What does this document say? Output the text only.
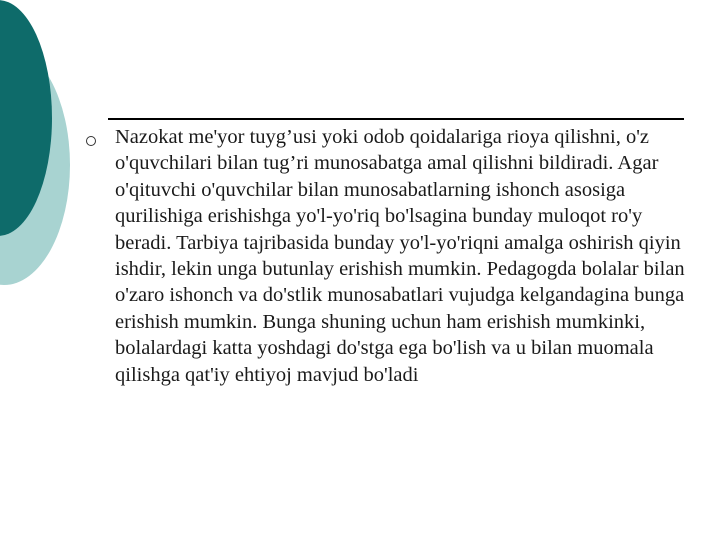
Nazokat me'yor tuyg’usi yoki odob qoidalariga rioya qilishni, o'z o'quvchilari bilan tug’ri munosabatga amal qilishni bildiradi. Agar o'qituvchi o'quvchilar bilan munosabatlarning ishonch asosiga qurilishiga erishishga yo'l-yo'riq bo'lsagina bunday muloqot ro'y beradi. Tarbiya tajribasida bunday yo'l-yo'riqni amalga oshirish qiyin ishdir, lekin unga butunlay erishish mumkin. Pedagogda bolalar bilan o'zaro ishonch va do'stlik munosabatlari vujudga kelgandagina bunga erishish mumkin. Bunga shuning uchun ham erishish mumkinki, bolalardagi katta yoshdagi do'stga ega bo'lish va u bilan muomala qilishga qat'iy ehtiyoj mavjud bo'ladi
